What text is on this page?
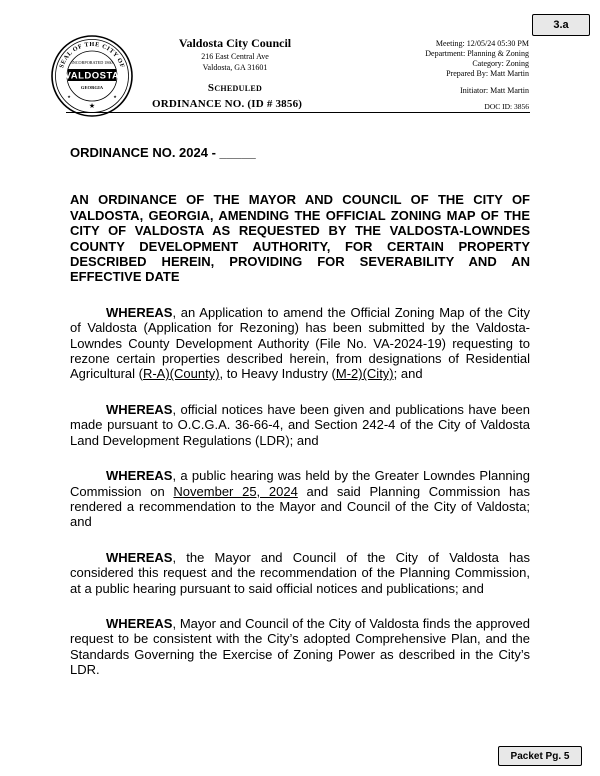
3.a
SEAL OF THE CITY OF
INCORPORATED 1860
VALDOSTA
GEORGIA
★
★	★
Valdosta City Council
216 East Central Ave
Valdosta, GA 31601
Scheduled
Meeting: 12/05/24 05:30 PM
Department: Planning & Zoning
Category: Zoning
Prepared By: Matt Martin
Initiator: Matt Martin
ORDINANCE NO. (ID # 3856)	DOC ID: 3856

ORDINANCE NO. 2024 - _____

AN ORDINANCE OF THE MAYOR AND COUNCIL OF THE CITY OF VALDOSTA, GEORGIA, AMENDING THE OFFICIAL ZONING MAP OF THE CITY OF VALDOSTA AS REQUESTED BY THE VALDOSTA-LOWNDES COUNTY DEVELOPMENT AUTHORITY, FOR CERTAIN PROPERTY DESCRIBED HEREIN, PROVIDING FOR SEVERABILITY AND AN EFFECTIVE DATE

WHEREAS, an Application to amend the Official Zoning Map of the City of Valdosta (Application for Rezoning) has been submitted by the Valdosta-Lowndes County Development Authority (File No. VA-2024-19) requesting to rezone certain properties described herein, from designations of Residential Agricultural (R-A)(County), to Heavy Industry (M-2)(City); and

WHEREAS, official notices have been given and publications have been made pursuant to O.C.G.A. 36-66-4, and Section 242-4 of the City of Valdosta Land Development Regulations (LDR); and

WHEREAS, a public hearing was held by the Greater Lowndes Planning Commission on November 25, 2024 and said Planning Commission has rendered a recommendation to the Mayor and Council of the City of Valdosta; and

WHEREAS, the Mayor and Council of the City of Valdosta has considered this request and the recommendation of the Planning Commission, at a public hearing pursuant to said official notices and publications; and

WHEREAS, Mayor and Council of the City of Valdosta finds the approved request to be consistent with the City’s adopted Comprehensive Plan, and the Standards Governing the Exercise of Zoning Power as described in the City’s LDR.

Packet Pg. 5
